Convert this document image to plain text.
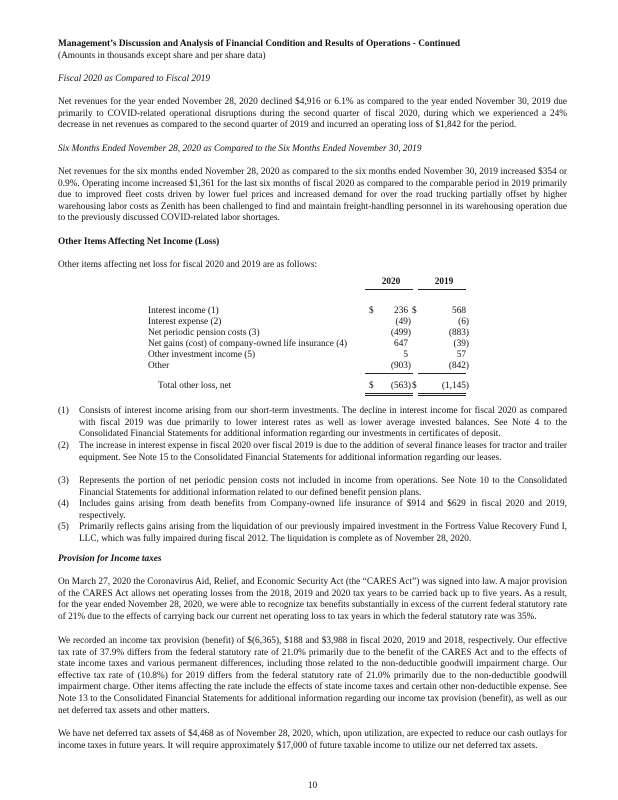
Management’s Discussion and Analysis of Financial Condition and Results of Operations - Continued
(Amounts in thousands except share and per share data)
Fiscal 2020 as Compared to Fiscal 2019
Net revenues for the year ended November 28, 2020 declined $4,916 or 6.1% as compared to the year ended November 30, 2019 due primarily to COVID-related operational disruptions during the second quarter of fiscal 2020, during which we experienced a 24% decrease in net revenues as compared to the second quarter of 2019 and incurred an operating loss of $1,842 for the period.
Six Months Ended November 28, 2020 as Compared to the Six Months Ended November 30, 2019
Net revenues for the six months ended November 28, 2020 as compared to the six months ended November 30, 2019 increased $354 or 0.9%. Operating income increased $1,361 for the last six months of fiscal 2020 as compared to the comparable period in 2019 primarily due to improved fleet costs driven by lower fuel prices and increased demand for over the road trucking partially offset by higher warehousing labor costs as Zenith has been challenged to find and maintain freight-handling personnel in its warehousing operation due to the previously discussed COVID-related labor shortages.
Other Items Affecting Net Income (Loss)
Other items affecting net loss for fiscal 2020 and 2019 are as follows:
2020	2019
Interest income (1)	$ 236 $	568
Interest expense (2)	(49)	(6)
Net periodic pension costs (3)	(499)	(883)
Net gains (cost) of company-owned life insurance (4)	647	(39)
Other investment income (5)	5	57
Other	(903)	(842)
Total other loss, net	$ (563) $	(1,145)
(1) Consists of interest income arising from our short-term investments. The decline in interest income for fiscal 2020 as compared with fiscal 2019 was due primarily to lower interest rates as well as lower average invested balances. See Note 4 to the Consolidated Financial Statements for additional information regarding our investments in certificates of deposit.
(2) The increase in interest expense in fiscal 2020 over fiscal 2019 is due to the addition of several finance leases for tractor and trailer equipment. See Note 15 to the Consolidated Financial Statements for additional information regarding our leases.
(3) Represents the portion of net periodic pension costs not included in income from operations. See Note 10 to the Consolidated Financial Statements for additional information related to our defined benefit pension plans.
(4) Includes gains arising from death benefits from Company-owned life insurance of $914 and $629 in fiscal 2020 and 2019, respectively.
(5) Primarily reflects gains arising from the liquidation of our previously impaired investment in the Fortress Value Recovery Fund I, LLC, which was fully impaired during fiscal 2012. The liquidation is complete as of November 28, 2020.
Provision for Income taxes
On March 27, 2020 the Coronavirus Aid, Relief, and Economic Security Act (the “CARES Act”) was signed into law. A major provision of the CARES Act allows net operating losses from the 2018, 2019 and 2020 tax years to be carried back up to five years. As a result, for the year ended November 28, 2020, we were able to recognize tax benefits substantially in excess of the current federal statutory rate of 21% due to the effects of carrying back our current net operating loss to tax years in which the federal statutory rate was 35%.
We recorded an income tax provision (benefit) of $(6,365), $188 and $3,988 in fiscal 2020, 2019 and 2018, respectively. Our effective tax rate of 37.9% differs from the federal statutory rate of 21.0% primarily due to the benefit of the CARES Act and to the effects of state income taxes and various permanent differences, including those related to the non-deductible goodwill impairment charge. Our effective tax rate of (10.8%) for 2019 differs from the federal statutory rate of 21.0% primarily due to the non-deductible goodwill impairment charge. Other items affecting the rate include the effects of state income taxes and certain other non-deductible expense. See Note 13 to the Consolidated Financial Statements for additional information regarding our income tax provision (benefit), as well as our net deferred tax assets and other matters.
We have net deferred tax assets of $4,468 as of November 28, 2020, which, upon utilization, are expected to reduce our cash outlays for income taxes in future years. It will require approximately $17,000 of future taxable income to utilize our net deferred tax assets.
10
